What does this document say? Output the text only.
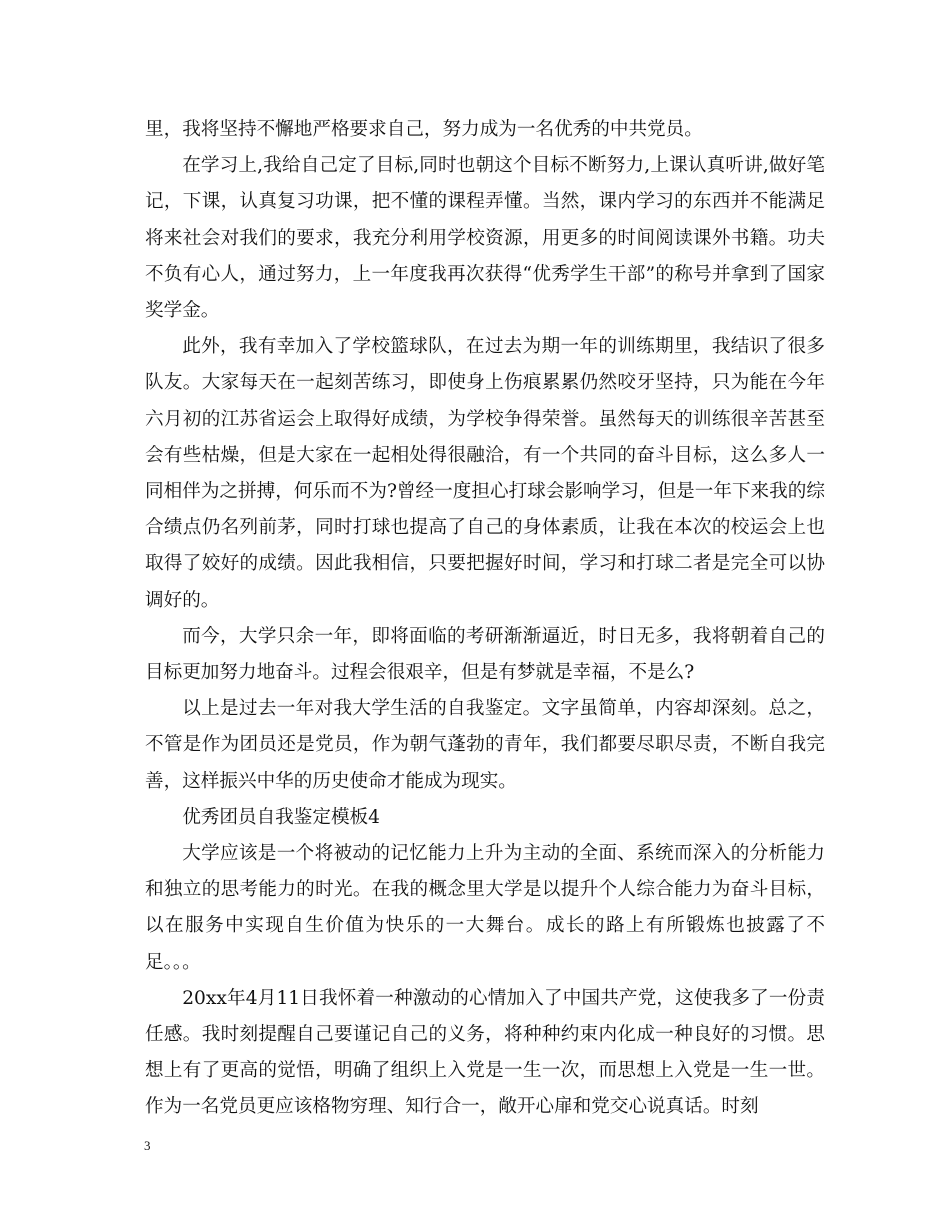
里，我将坚持不懈地严格要求自己，努力成为一名优秀的中共党员。

在学习上,我给自己定了目标,同时也朝这个目标不断努力,上课认真听讲,做好笔记，下课，认真复习功课，把不懂的课程弄懂。当然，课内学习的东西并不能满足将来社会对我们的要求，我充分利用学校资源，用更多的时间阅读课外书籍。功夫不负有心人，通过努力，上一年度我再次获得“优秀学生干部”的称号并拿到了国家奖学金。

此外，我有幸加入了学校篮球队，在过去为期一年的训练期里，我结识了很多队友。大家每天在一起刻苦练习，即使身上伤痕累累仍然咬牙坚持，只为能在今年六月初的江苏省运会上取得好成绩，为学校争得荣誉。虽然每天的训练很辛苦甚至会有些枯燥，但是大家在一起相处得很融洽，有一个共同的奋斗目标，这么多人一同相伴为之拼搏，何乐而不为?曾经一度担心打球会影响学习，但是一年下来我的综合绩点仍名列前茅，同时打球也提高了自己的身体素质，让我在本次的校运会上也取得了姣好的成绩。因此我相信，只要把握好时间，学习和打球二者是完全可以协调好的。

而今，大学只余一年，即将面临的考研渐渐逼近，时日无多，我将朝着自己的目标更加努力地奋斗。过程会很艰辛，但是有梦就是幸福，不是么?

以上是过去一年对我大学生活的自我鉴定。文字虽简单，内容却深刻。总之，不管是作为团员还是党员，作为朝气蓬勃的青年，我们都要尽职尽责，不断自我完善，这样振兴中华的历史使命才能成为现实。

优秀团员自我鉴定模板4

大学应该是一个将被动的记忆能力上升为主动的全面、系统而深入的分析能力和独立的思考能力的时光。在我的概念里大学是以提升个人综合能力为奋斗目标，以在服务中实现自生价值为快乐的一大舞台。成长的路上有所锻炼也披露了不足。。。

20xx年4月11日我怀着一种激动的心情加入了中国共产党，这使我多了一份责任感。我时刻提醒自己要谨记自己的义务，将种种约束内化成一种良好的习惯。思想上有了更高的觉悟，明确了组织上入党是一生一次，而思想上入党是一生一世。作为一名党员更应该格物穷理、知行合一，敞开心扉和党交心说真话。时刻

3
